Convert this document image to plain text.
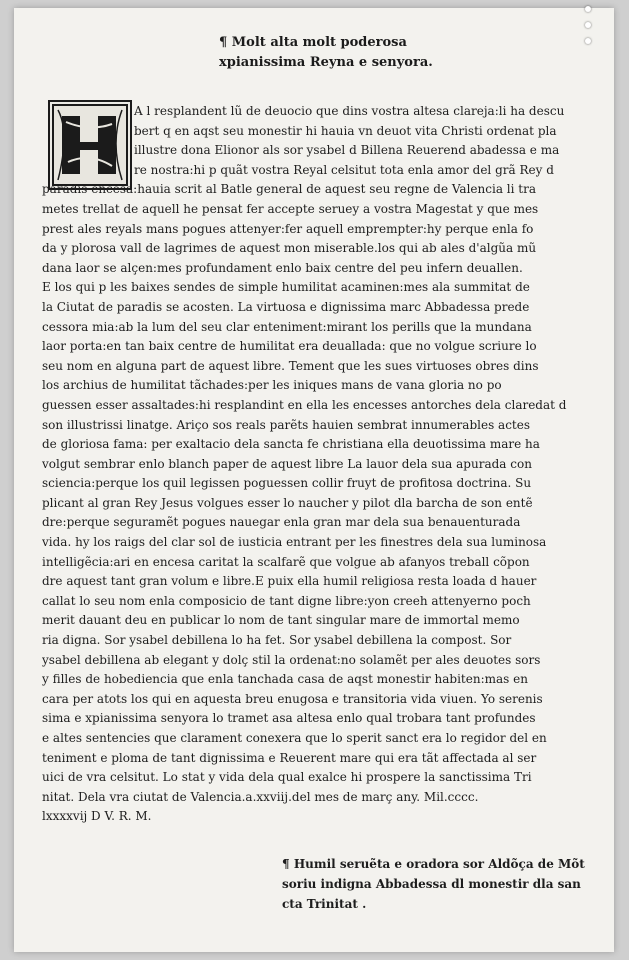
¶ Molt alta molt poderosa
xpianissima Reyna e senyora.
A l resplandent lũ de deuocio que dins vostra altesa clareja:li ha descu
bert q en aqst seu monestir hi hauia vn deuot vita Christi ordenat pla
illustre dona Elionor als sor ysabel d Billena Reuerend abadessa e ma
re nostra:hi p quãt vostra Reyal celsitut tota enla amor del grã Rey d
paradis encesa:hauia scrit al Batle general de aquest seu regne de Valencia li tra
metes trellat de aquell he pensat fer accepte seruey a vostra Magestat y que mes
prest ales reyals mans pogues attenyer:fer aquell emprempter:hy perque enla fo
da y plorosa vall de lagrimes de aquest mon miserable.los qui ab ales d'algũa mũ
dana laor se alçen:mes profundament enlo baix centre del peu infern deuallen.
E los qui p les baixes sendes de simple humilitat acaminen:mes ala summitat de
la Ciutat de paradis se acosten. La virtuosa e dignissima marc Abbadessa prede
cessora mia:ab la lum del seu clar enteniment:mirant los perills que la mundana
laor porta:en tan baix centre de humilitat era deuallada: que no volgue scriure lo
seu nom en alguna part de aquest libre. Tement que les sues virtuoses obres dins
los archius de humilitat tãchades:per les iniques mans de vana gloria no po
guessen esser assaltades:hi resplandint en ella les encesses antorches dela claredat d
son illustrissi linatge. Ariço sos reals parẽts hauien sembrat innumerables actes
de gloriosa fama: per exaltacio dela sancta fe christiana ella deuotissima mare ha
volgut sembrar enlo blanch paper de aquest libre La lauor dela sua apurada con
sciencia:perque los quil legissen poguessen collir fruyt de profitosa doctrina. Su
plicant al gran Rey Jesus volgues esser lo naucher y pilot dla barcha de son entẽ
dre:perque seguramẽt pogues nauegar enla gran mar dela sua benauenturada
vida. hy los raigs del clar sol de iusticia entrant per les finestres dela sua luminosa
intelligẽcia:ari en encesa caritat la scalfarẽ que volgue ab afanyos treball cõpon
dre aquest tant gran volum e libre.E puix ella humil religiosa resta loada d hauer
callat lo seu nom enla composicio de tant digne libre:yon creeh attenyerno poch
merit dauant deu en publicar lo nom de tant singular mare de immortal memo
ria digna. Sor ysabel debillena lo ha fet. Sor ysabel debillena la compost. Sor
ysabel debillena ab elegant y dolç stil la ordenat:no solamẽt per ales deuotes sors
y filles de hobediencia que enla tanchada casa de aqst monestir habiten:mas en
cara per atots los qui en aquesta breu enugosa e transitoria vida viuen. Yo serenis
sima e xpianissima senyora lo tramet asa altesa enlo qual trobara tant profundes
e altes sentencies que clarament conexera que lo sperit sanct era lo regidor del en
teniment e ploma de tant dignissima e Reuerent mare qui era tãt affectada al ser
uici de vra celsitut. Lo stat y vida dela qual exalce hi prospere la sanctissima Tri
nitat. Dela vra ciutat de Valencia.a.xxviij.del mes de març any. Mil.cccc.
lxxxxvij D V. R. M.
¶ Humil seruẽta e oradora sor Aldõça de Mõt
soriu indigna Abbadessa dl monestir dla san
cta Trinitat .
